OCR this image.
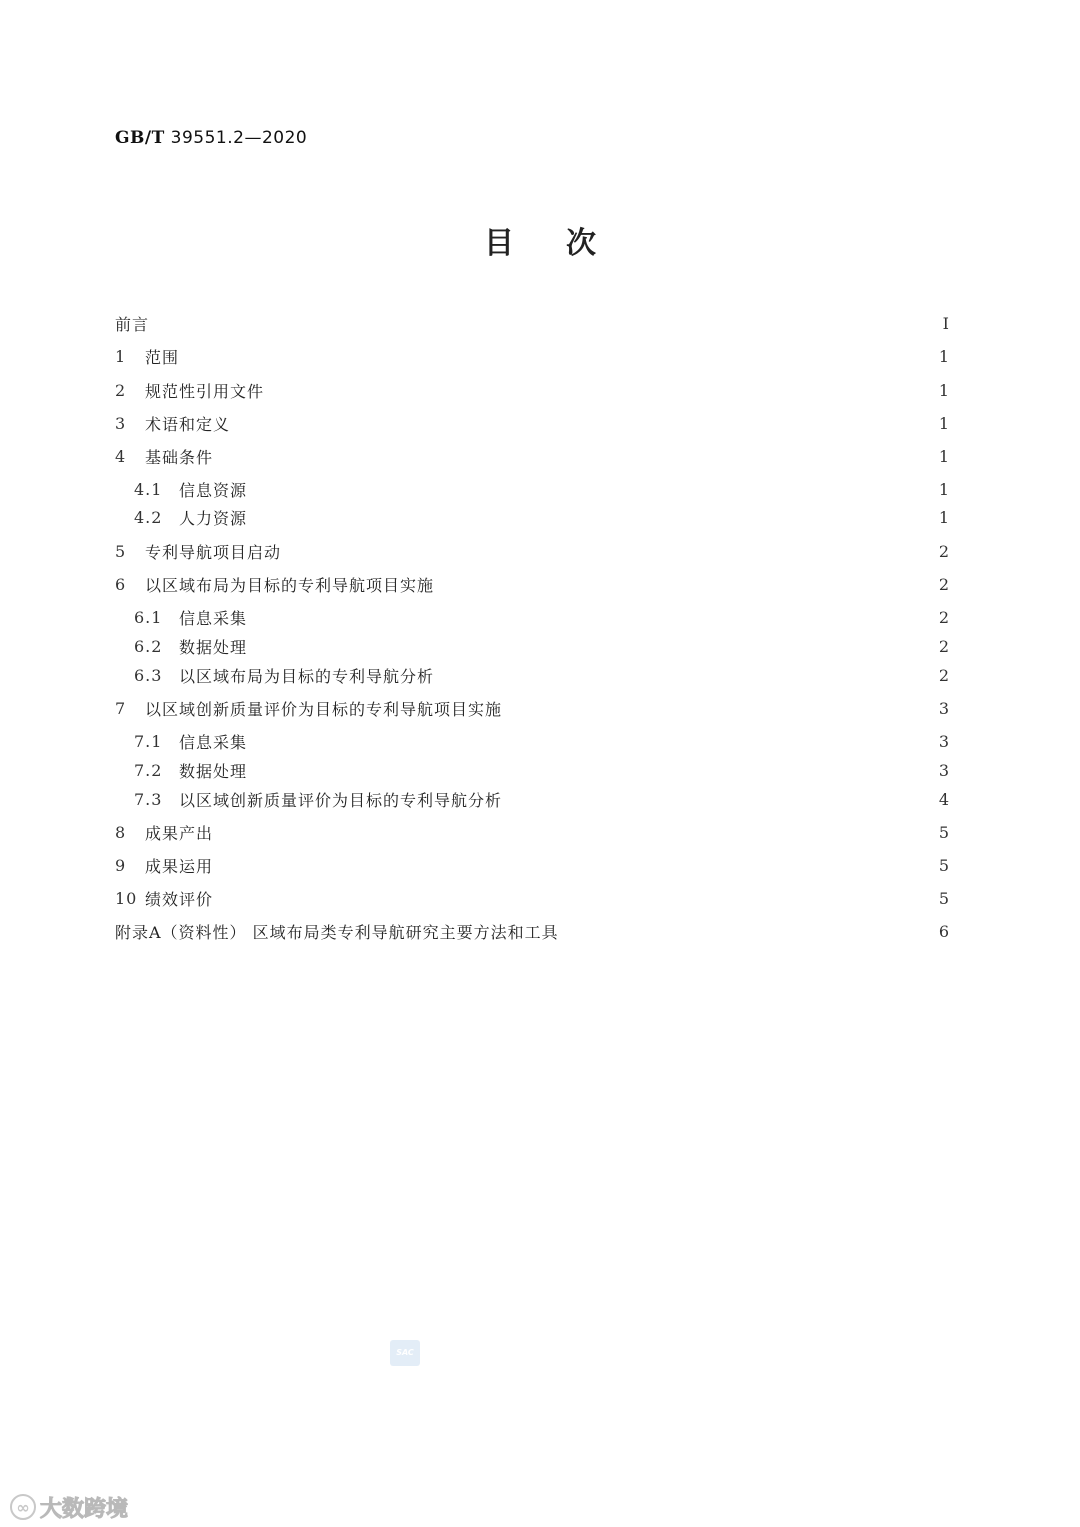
GB/T 39551.2—2020
目次
前言	Ⅰ
1	范围	1
2	规范性引用文件	1
3	术语和定义	1
4	基础条件	1
4.1	信息资源	1
4.2	人力资源	1
5	专利导航项目启动	2
6	以区域布局为目标的专利导航项目实施	2
6.1	信息采集	2
6.2	数据处理	2
6.3	以区域布局为目标的专利导航分析	2
7	以区域创新质量评价为目标的专利导航项目实施	3
7.1	信息采集	3
7.2	数据处理	3
7.3	以区域创新质量评价为目标的专利导航分析	4
8	成果产出	5
9	成果运用	5
10 绩效评价	5
附录A（资料性） 区域布局类专利导航研究主要方法和工具	6
SAC
∞ 大数跨境
